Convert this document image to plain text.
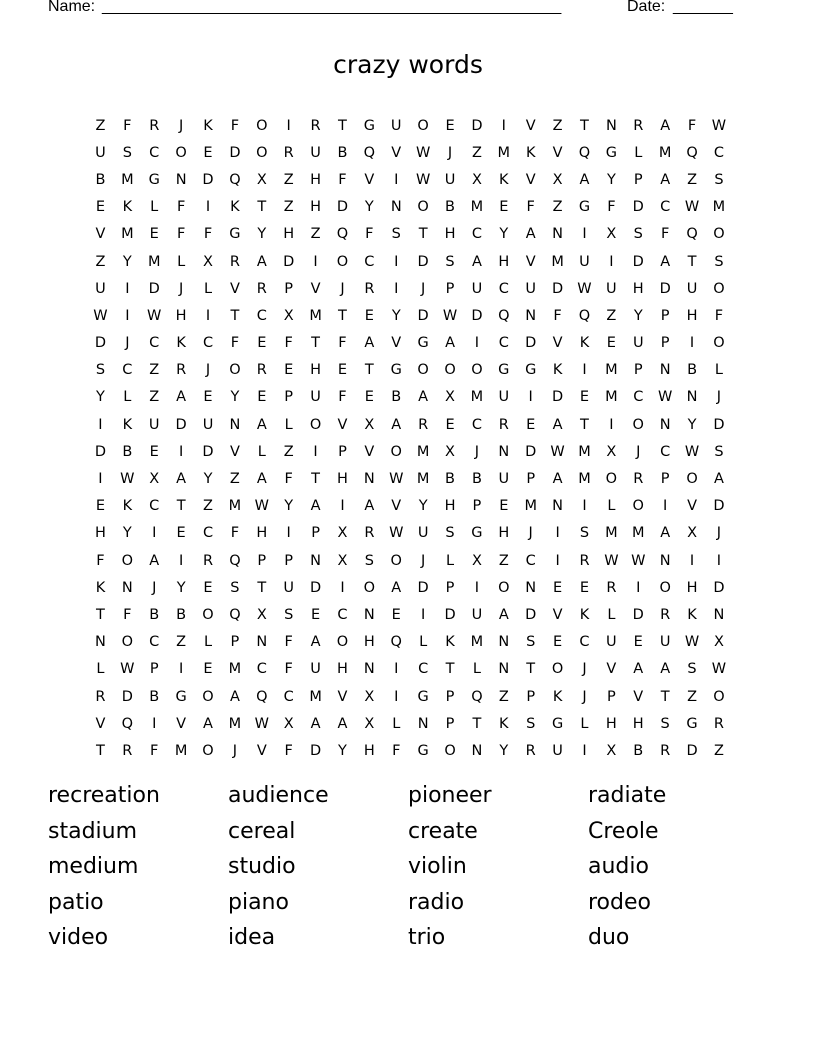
Name:

______________________________________________________

	Date:

_______

crazy words
Z	F	R	J	K	F	O	I	R	T	G	U	O	E	D	I	V	Z	T	N	R	A	F	W
U	S	C	O	E	D	O	R	U	B	Q	V	W	J	Z	M	K	V	Q	G	L	M	Q	C
B	M	G	N	D	Q	X	Z	H	F	V	I	W U	X	K	V	X	A	Y	P	A	Z	S
E	K	L	F	I	K	T	Z	H	D	Y	N	O	B	M	E	F	Z	G	F	D	C	W M
V	M	E	F	F	G	Y	H	Z	Q	F	S	T	H	C	Y	A	N	I	X	S	F	Q	O
Z	Y	M	L	X	R	A	D	I	O	C	I	D	S	A	H	V	M	U	I	D	A	T	S
U	I	D	J	L	V	R	P	V	J	R	I	J	P	U	C	U	D W U	H	D	U	O
W	I	W H	I	T	C	X	M	T	E	Y	D W D	Q	N	F	Q	Z	Y	P	H	F
D	J	C	K	C	F	E	F	T	F	A	V	G	A	I	C	D	V	K	E	U	P	I	O
S	C	Z	R	J	O	R	E	H	E	T	G	O	O	O	G	G	K	I	M	P	N	B	L
Y	L	Z	A	E	Y	E	P	U	F	E	B	A	X	M	U	I	D	E	M	C	W N	J
I	K	U	D	U	N	A	L	O	V	X	A	R	E	C	R	E	A	T	I	O	N	Y	D
D	B	E	I	D	V	L	Z	I	P	V	O	M	X	J	N	D W M	X	J	C	W	S
I	W	X	A	Y	Z	A	F	T	H	N W M	B	B	U	P	A	M	O	R	P	O	A
E	K	C	T	Z	M W	Y	A	I	A	V	Y	H	P	E	M	N	I	L	O	I	V	D
H	Y	I	E	C	F	H	I	P	X	R	W U	S	G	H	J	I	S	M M	A	X	J
F	O	A	I	R	Q	P	P	N	X	S	O	J	L	X	Z	C	I	R	W W N	I	I
K	N	J	Y	E	S	T	U	D	I	O	A	D	P	I	O	N	E	E	R	I	O	H	D
T	F	B	B	O	Q	X	S	E	C	N	E	I	D	U	A	D	V	K	L	D	R	K	N
N	O	C	Z	L	P	N	F	A	O	H	Q	L	K	M	N	S	E	C	U	E	U W	X
L	W	P	I	E	M	C	F	U	H	N	I	C	T	L	N	T	O	J	V	A	A	S	W
R	D	B	G	O	A	Q	C	M	V	X	I	G	P	Q	Z	P	K	J	P	V	T	Z	O
V	Q	I	V	A	M W	X	A	A	X	L	N	P	T	K	S	G	L	H	H	S	G	R
T	R	F	M	O	J	V	F	D	Y	H	F	G	O	N	Y	R	U	I	X	B	R	D	Z
recreation	audience	pioneer	radiate
stadium	cereal	create	Creole
medium	studio	violin	audio
patio	piano	radio	rodeo
video	idea	trio	duo
